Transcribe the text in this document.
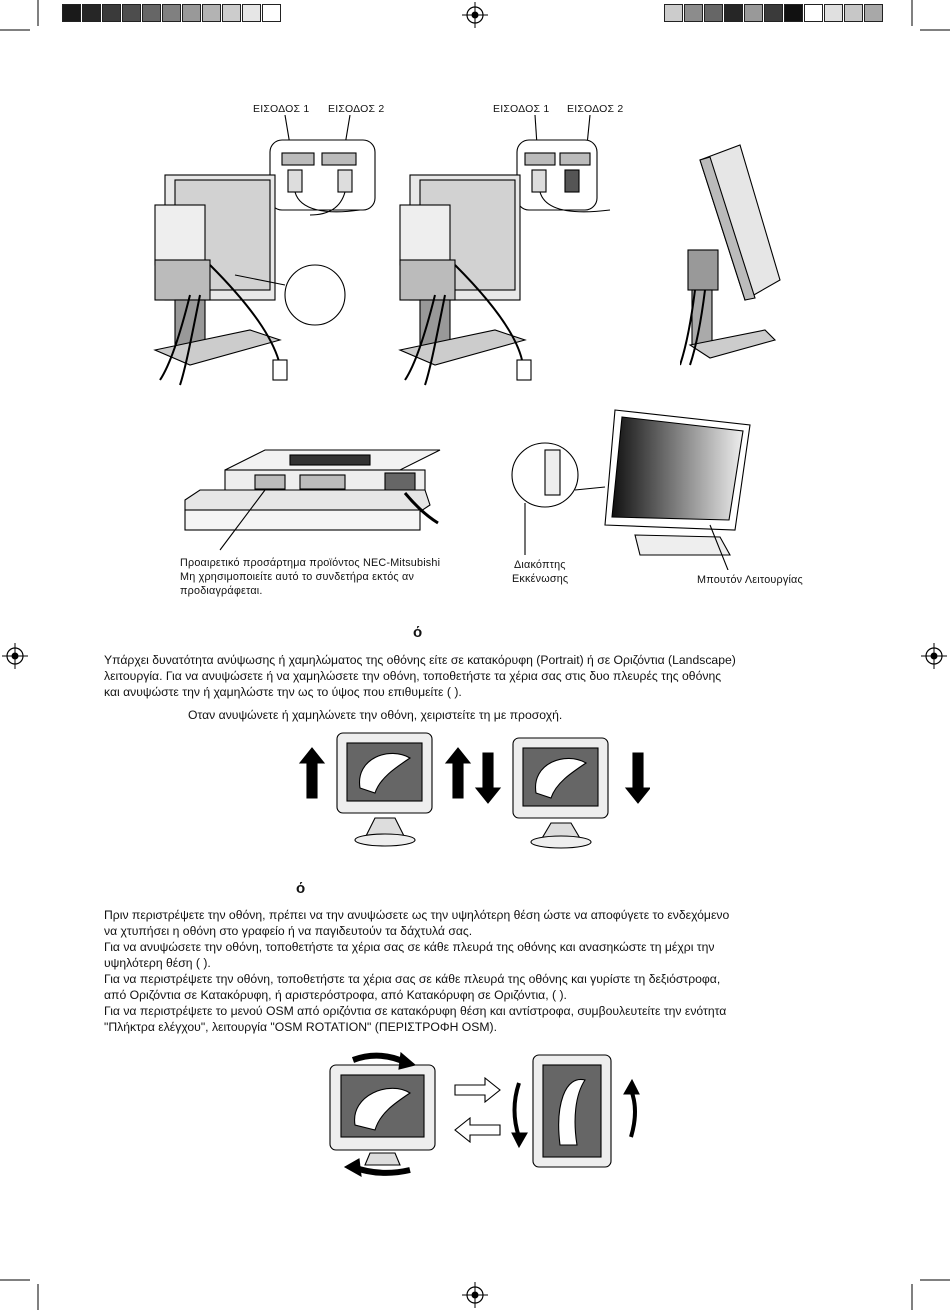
ΕΙΣΟΔΟΣ 1 ΕΙΣΟΔΟΣ 2	ΕΙΣΟΔΟΣ 1 ΕΙΣΟΔΟΣ 2
Προαιρετικό προσάρτημα προϊόντος NEC-Mitsubishi
Μη χρησιμοποιείτε αυτό το συνδετήρα εκτός αν
προδιαγράφεται.
Διακόπτης
Εκκένωσης	Μπουτόν Λειτουργίας
ό
Υπάρχει δυνατότητα ανύψωσης ή χαμηλώματος της οθόνης είτε σε κατακόρυφη (Portrait) ή σε Οριζόντια (Landscape)
λειτουργία. Για να ανυψώσετε ή να χαμηλώσετε την οθόνη, τοποθετήστε τα χέρια σας στις δυο πλευρές της οθόνης
και ανυψώστε την ή χαμηλώστε την ως το ύψος που επιθυμείτε ( ).
Οταν ανυψώνετε ή χαμηλώνετε την οθόνη, χειριστείτε τη με προσοχή.
ό
Πριν περιστρέψετε την οθόνη, πρέπει να την ανυψώσετε ως την υψηλότερη θέση ώστε να αποφύγετε το ενδεχόμενο
να χτυπήσει η οθόνη στο γραφείο ή να παγιδευτούν τα δάχτυλά σας.
Για να ανυψώσετε την οθόνη, τοποθετήστε τα χέρια σας σε κάθε πλευρά της οθόνης και ανασηκώστε τη μέχρι την
υψηλότερη θέση ( ).
Για να περιστρέψετε την οθόνη, τοποθετήστε τα χέρια σας σε κάθε πλευρά της οθόνης και γυρίστε τη δεξιόστροφα,
από Οριζόντια σε Κατακόρυφη, ή αριστερόστροφα, από Κατακόρυφη σε Οριζόντια, ( ).
Για να περιστρέψετε το μενού OSM από οριζόντια σε κατακόρυφη θέση και αντίστροφα, συμβουλευτείτε την ενότητα
"Πλήκτρα ελέγχου", λειτουργία "OSM ROTATION" (ΠΕΡΙΣΤΡΟΦΗ OSM).
